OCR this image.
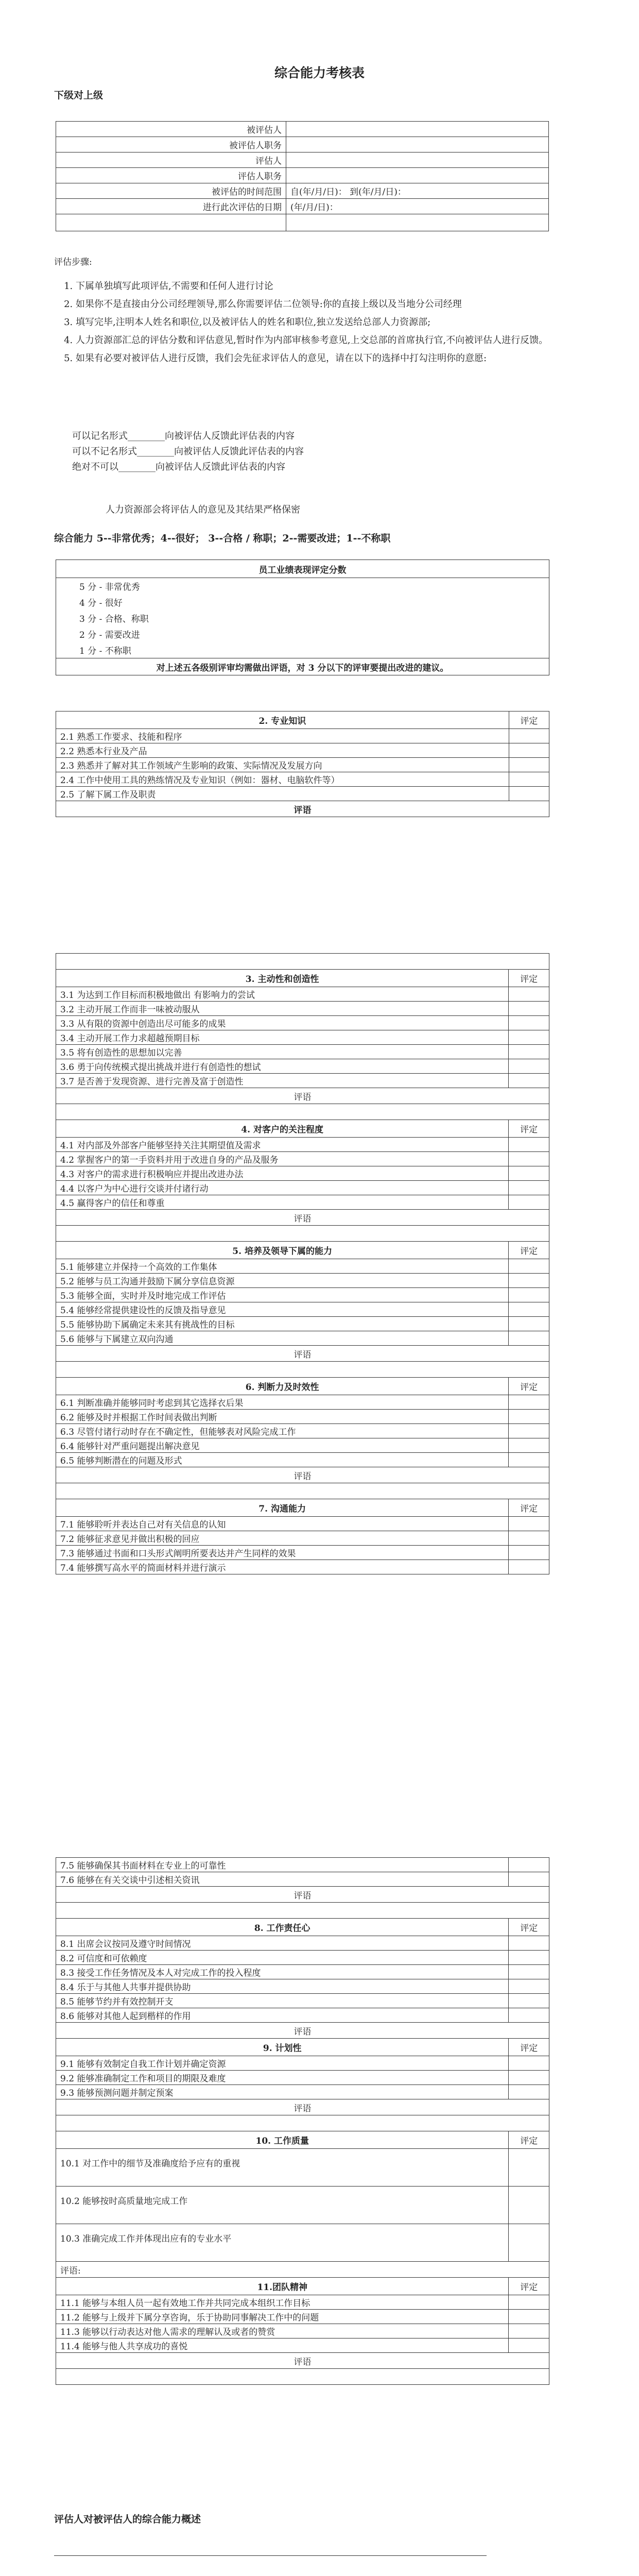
综合能力考核表
下级对上级
被评估人	
被评估人职务	
评估人	
评估人职务	
被评估的时间范围	自(年/月/日)： 到(年/月/日)：
进行此次评估的日期	(年/月/日)：

评估步骤:
1. 下属单独填写此项评估,不需要和任何人进行讨论
2. 如果你不是直接由分公司经理领导,那么你需要评估二位领导:你的直接上级以及当地分公司经理
3. 填写完毕,注明本人姓名和职位,以及被评估人的姓名和职位,独立发送给总部人力资源部;
4. 人力资源部汇总的评估分数和评估意见,暂时作为内部审核参考意见,上交总部的首席执行官,不向被评估人进行反馈。
5. 如果有必要对被评估人进行反馈，我们会先征求评估人的意见，请在以下的选择中打勾注明你的意愿:
可以记名形式________向被评估人反馈此评估表的内容
可以不记名形式________向被评估人反馈此评估表的内容
绝对不可以________向被评估人反馈此评估表的内容
人力资源部会将评估人的意见及其结果严格保密
综合能力 5--非常优秀；4--很好； 3--合格 / 称职；2--需要改进；1--不称职
员工业绩表现评定分数
5 分 - 非常优秀
4 分 - 很好
3 分 - 合格、称职
2 分 - 需要改进
1 分 - 不称职
对上述五各级别评审均需做出评语，对 3 分以下的评审要提出改进的建议。
2. 专业知识	评定
2.1 熟悉工作要求、技能和程序	
2.2 熟悉本行业及产品	
2.3 熟悉并了解对其工作领域产生影响的政策、实际情况及发展方向	
2.4 工作中使用工具的熟练情况及专业知识（例如：器材、电脑软件等）	
2.5 了解下属工作及职责	
评语	

3. 主动性和创造性	评定
3.1 为达到工作目标而积极地做出 有影响力的尝试	
3.2 主动开展工作而非一味被动服从	
3.3 从有限的资源中创造出尽可能多的成果	
3.4 主动开展工作力求超越预期目标	
3.5 将有创造性的思想加以完善	
3.6 勇于向传统模式提出挑战并进行有创造性的想试	
3.7 是否善于发现资源、进行完善及富于创造性	
评语	

4. 对客户的关注程度	评定
4.1 对内部及外部客户能够坚持关注其期望值及需求	
4.2 掌握客户的第一手资料并用于改进自身的产品及服务	
4.3 对客户的需求进行积极响应并提出改进办法	
4.4 以客户为中心进行交谈并付诸行动	
4.5 赢得客户的信任和尊重	
评语	

5. 培养及领导下属的能力	评定
5.1 能够建立并保持一个高效的工作集体	
5.2 能够与员工沟通并鼓励下属分享信息资源	
5.3 能够全面，实时并及时地完成工作评估	
5.4 能够经常提供建设性的反馈及指导意见	
5.5 能够协助下属确定未来其有挑战性的目标	
5.6 能够与下属建立双向沟通	
评语	

6. 判断力及时效性	评定
6.1 判断准确并能够同时考虑到其它选择衣后果	
6.2 能够及时并根据工作时间表做出判断	
6.3 尽管付诸行动时存在不确定性，但能够表对风险完成工作	
6.4 能够针对严重问题提出解决意见	
6.5 能够判断潜在的问题及形式	
评语	

7. 沟通能力	评定
7.1 能够聆听并表达自己对有关信息的认知	
7.2 能够征求意见并做出积极的回应	
7.3 能够通过书面和口头形式阐明所要表达并产生同样的效果	
7.4 能够撰写高水平的简面材料并进行演示	
7.5 能够确保其书面材料在专业上的可靠性	
7.6 能够在有关交谈中引述相关资讯	
评语	

8. 工作责任心	评定
8.1 出席会议按同及遵守时间情况	
8.2 可信度和可依赖度	
8.3 接受工作任务情况及本人对完成工作的投入程度	
8.4 乐于与其他人共事并提供协助	
8.5 能够节约并有效控制开支	
8.6 能够对其他人起到楷样的作用	
评语	
9. 计划性	评定
9.1 能够有效制定自我工作计划并确定资源	
9.2 能够准确制定工作和项目的期限及难度	
9.3 能够预测问题并制定预案	
评语	

10. 工作质量	评定
10.1 对工作中的细节及准确度给予应有的重视	
10.2 能够按时高质量地完成工作	
10.3 准确完成工作并体现出应有的专业水平	
评语:	
11.团队精神	评定
11.1 能够与本组人员一起有效地工作并共同完成本组织工作目标	
11.2 能够与上级并下属分享咨询，乐于协助同事解决工作中的问题	
11.3 能够以行动表达对他人需求的理解认及或者的赞赏	
11.4 能够与他人共享成功的喜悦	
评语	

评估人对被评估人的综合能力概述
